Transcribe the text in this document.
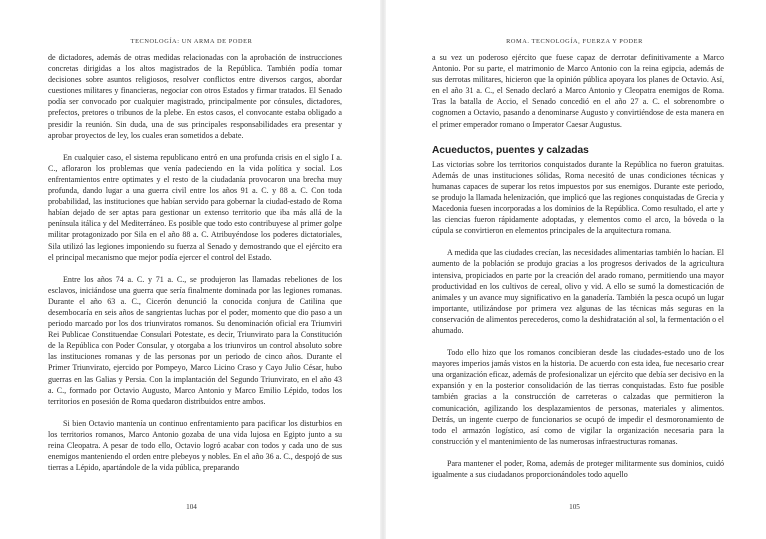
TECNOLOGÍA: UN ARMA DE PODER

de dictadores, además de otras medidas relacionadas con la aprobación de instrucciones concretas dirigidas a los altos magistrados de la República. También podía tomar decisiones sobre asuntos religiosos, resolver conflictos entre diversos cargos, abordar cuestiones militares y financieras, negociar con otros Estados y firmar tratados. El Senado podía ser convocado por cualquier magistrado, principalmente por cónsules, dictadores, prefectos, pretores o tribunos de la plebe. En estos casos, el convocante estaba obligado a presidir la reunión. Sin duda, una de sus principales responsabilidades era presentar y aprobar proyectos de ley, los cuales eran sometidos a debate.

En cualquier caso, el sistema republicano entró en una profunda crisis en el siglo I a. C., afloraron los problemas que venía padeciendo en la vida política y social. Los enfrentamientos entre optimates y el resto de la ciudadanía provocaron una brecha muy profunda, dando lugar a una guerra civil entre los años 91 a. C. y 88 a. C. Con toda probabilidad, las instituciones que habían servido para gobernar la ciudad-estado de Roma habían dejado de ser aptas para gestionar un extenso territorio que iba más allá de la península itálica y del Mediterráneo. Es posible que todo esto contribuyese al primer golpe militar protagonizado por Sila en el año 88 a. C. Atribuyéndose los poderes dictatoriales, Sila utilizó las legiones imponiendo su fuerza al Senado y demostrando que el ejército era el principal mecanismo que mejor podía ejercer el control del Estado.

Entre los años 74 a. C. y 71 a. C., se produjeron las llamadas rebeliones de los esclavos, iniciándose una guerra que sería finalmente dominada por las legiones romanas. Durante el año 63 a. C., Cicerón denunció la conocida conjura de Catilina que desembocaría en seis años de sangrientas luchas por el poder, momento que dio paso a un periodo marcado por los dos triunviratos romanos. Su denominación oficial era Triumviri Rei Publicae Constituendae Consulari Potestate, es decir, Triunvirato para la Constitución de la República con Poder Consular, y otorgaba a los triunviros un control absoluto sobre las instituciones romanas y de las personas por un periodo de cinco años. Durante el Primer Triunvirato, ejercido por Pompeyo, Marco Licino Craso y Cayo Julio César, hubo guerras en las Galias y Persia. Con la implantación del Segundo Triunvirato, en el año 43 a. C., formado por Octavio Augusto, Marco Antonio y Marco Emilio Lépido, todos los territorios en posesión de Roma quedaron distribuidos entre ambos.

Si bien Octavio mantenía un continuo enfrentamiento para pacificar los disturbios en los territorios romanos, Marco Antonio gozaba de una vida lujosa en Egipto junto a su reina Cleopatra. A pesar de todo ello, Octavio logró acabar con todos y cada uno de sus enemigos manteniendo el orden entre plebeyos y nobles. En el año 36 a. C., despojó de sus tierras a Lépido, apartándole de la vida pública, preparando

104
ROMA. TECNOLOGÍA, FUERZA Y PODER

a su vez un poderoso ejército que fuese capaz de derrotar definitivamente a Marco Antonio. Por su parte, el matrimonio de Marco Antonio con la reina egipcia, además de sus derrotas militares, hicieron que la opinión pública apoyara los planes de Octavio. Así, en el año 31 a. C., el Senado declaró a Marco Antonio y Cleopatra enemigos de Roma. Tras la batalla de Accio, el Senado concedió en el año 27 a. C. el sobrenombre o cognomen a Octavio, pasando a denominarse Augusto y convirtiéndose de esta manera en el primer emperador romano o Imperator Caesar Augustus.

Acueductos, puentes y calzadas

Las victorias sobre los territorios conquistados durante la República no fueron gratuitas. Además de unas instituciones sólidas, Roma necesitó de unas condiciones técnicas y humanas capaces de superar los retos impuestos por sus enemigos. Durante este periodo, se produjo la llamada helenización, que implicó que las regiones conquistadas de Grecia y Macedonia fuesen incorporadas a los dominios de la República. Como resultado, el arte y las ciencias fueron rápidamente adoptadas, y elementos como el arco, la bóveda o la cúpula se convirtieron en elementos principales de la arquitectura romana.

A medida que las ciudades crecían, las necesidades alimentarias también lo hacían. El aumento de la población se produjo gracias a los progresos derivados de la agricultura intensiva, propiciados en parte por la creación del arado romano, permitiendo una mayor productividad en los cultivos de cereal, olivo y vid. A ello se sumó la domesticación de animales y un avance muy significativo en la ganadería. También la pesca ocupó un lugar importante, utilizándose por primera vez algunas de las técnicas más seguras en la conservación de alimentos perecederos, como la deshidratación al sol, la fermentación o el ahumado.

Todo ello hizo que los romanos concibieran desde las ciudades-estado uno de los mayores imperios jamás vistos en la historia. De acuerdo con esta idea, fue necesario crear una organización eficaz, además de profesionalizar un ejército que debía ser decisivo en la expansión y en la posterior consolidación de las tierras conquistadas. Esto fue posible también gracias a la construcción de carreteras o calzadas que permitieron la comunicación, agilizando los desplazamientos de personas, materiales y alimentos. Detrás, un ingente cuerpo de funcionarios se ocupó de impedir el desmoronamiento de todo el armazón logístico, así como de vigilar la organización necesaria para la construcción y el mantenimiento de las numerosas infraestructuras romanas.

Para mantener el poder, Roma, además de proteger militarmente sus dominios, cuidó igualmente a sus ciudadanos proporcionándoles todo aquello

105
